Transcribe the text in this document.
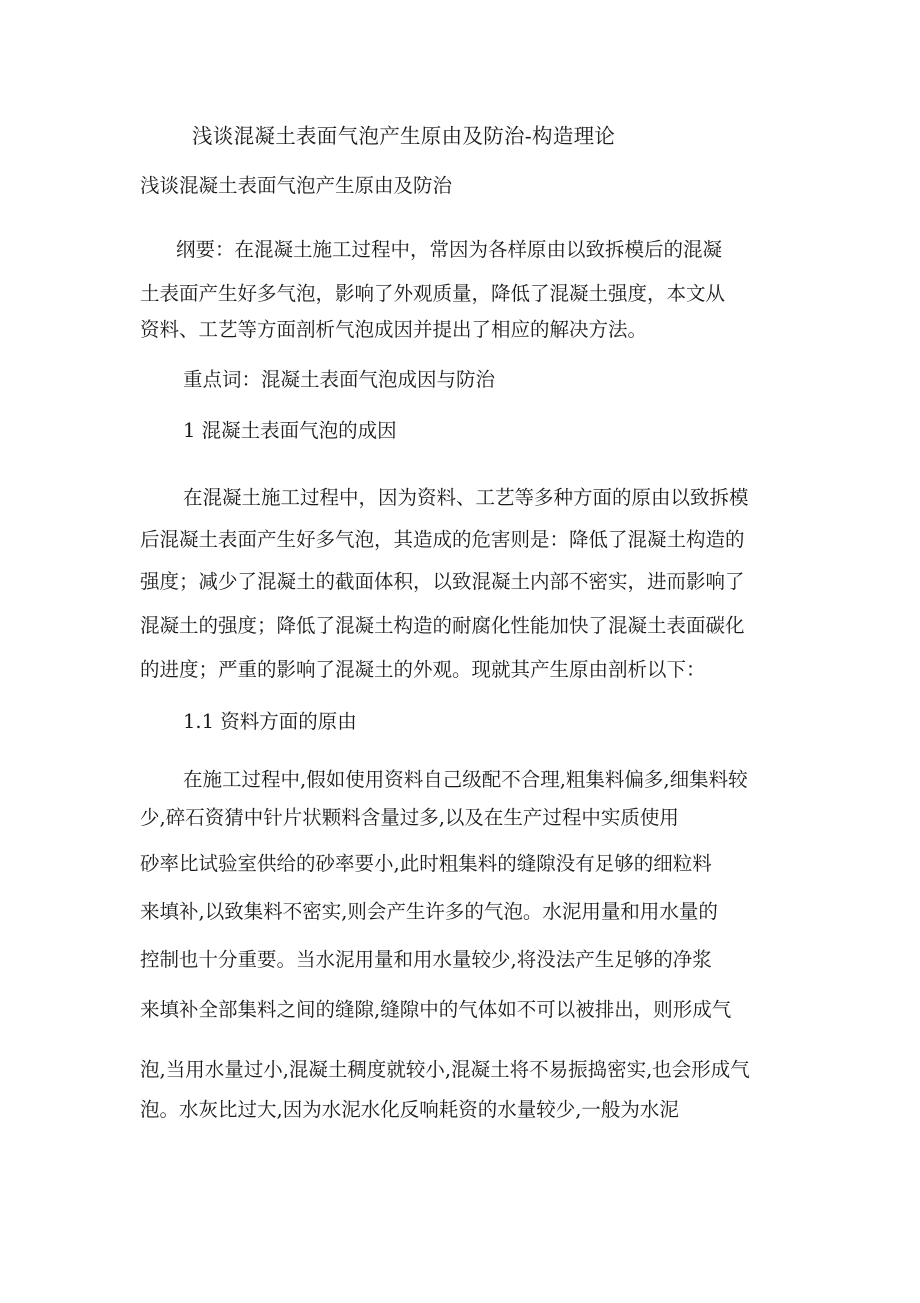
浅谈混凝土表面气泡产生原由及防治-构造理论
浅谈混凝土表面气泡产生原由及防治
纲要：在混凝土施工过程中，常因为各样原由以致拆模后的混凝
土表面产生好多气泡，影响了外观质量，降低了混凝土强度，本文从
资料、工艺等方面剖析气泡成因并提出了相应的解决方法。
重点词：混凝土表面气泡成因与防治
1 混凝土表面气泡的成因
在混凝土施工过程中，因为资料、工艺等多种方面的原由以致拆模
后混凝土表面产生好多气泡，其造成的危害则是：降低了混凝土构造的
强度；减少了混凝土的截面体积，以致混凝土内部不密实，进而影响了
混凝土的强度；降低了混凝土构造的耐腐化性能加快了混凝土表面碳化
的进度；严重的影响了混凝土的外观。现就其产生原由剖析以下：
1.1 资料方面的原由
在施工过程中,假如使用资料自己级配不合理,粗集料偏多,细集料较
少,碎石资猜中针片状颗料含量过多,以及在生产过程中实质使用
砂率比试验室供给的砂率要小,此时粗集料的缝隙没有足够的细粒料
来填补,以致集料不密实,则会产生许多的气泡。水泥用量和用水量的
控制也十分重要。当水泥用量和用水量较少,将没法产生足够的净浆
来填补全部集料之间的缝隙,缝隙中的气体如不可以被排出，则形成气
泡,当用水量过小,混凝土稠度就较小,混凝土将不易振捣密实,也会形成气
泡。水灰比过大,因为水泥水化反响耗资的水量较少,一般为水泥
